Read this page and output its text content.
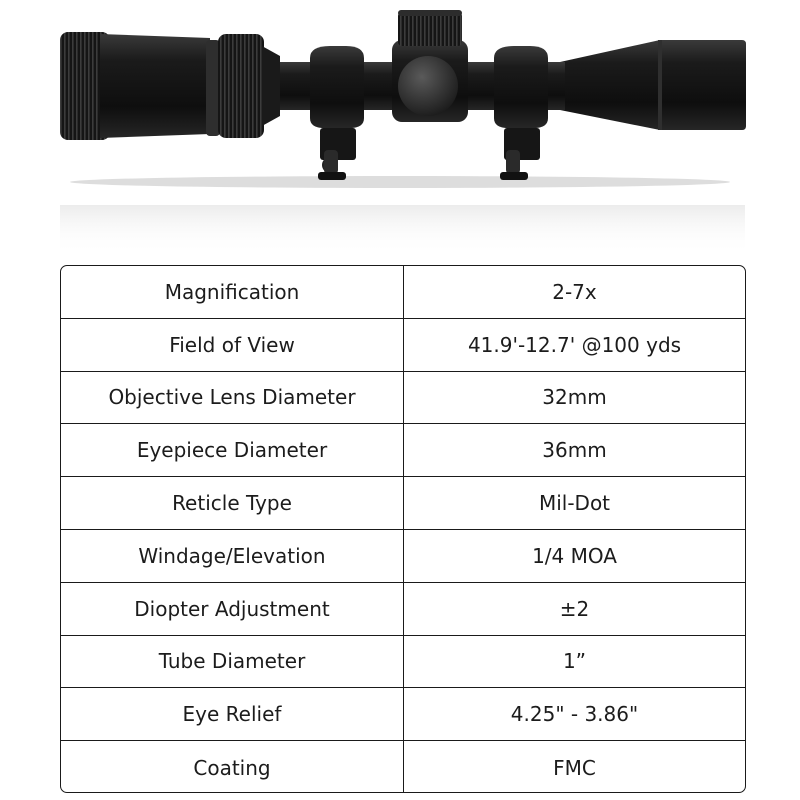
Magnification	2-7x
Field of View	41.9'-12.7' @100 yds
Objective Lens Diameter	32mm
Eyepiece Diameter	36mm
Reticle Type	Mil-Dot
Windage/Elevation	1/4 MOA
Diopter Adjustment	±2
Tube Diameter	1”
Eye Relief	4.25" - 3.86"
Coating	FMC
